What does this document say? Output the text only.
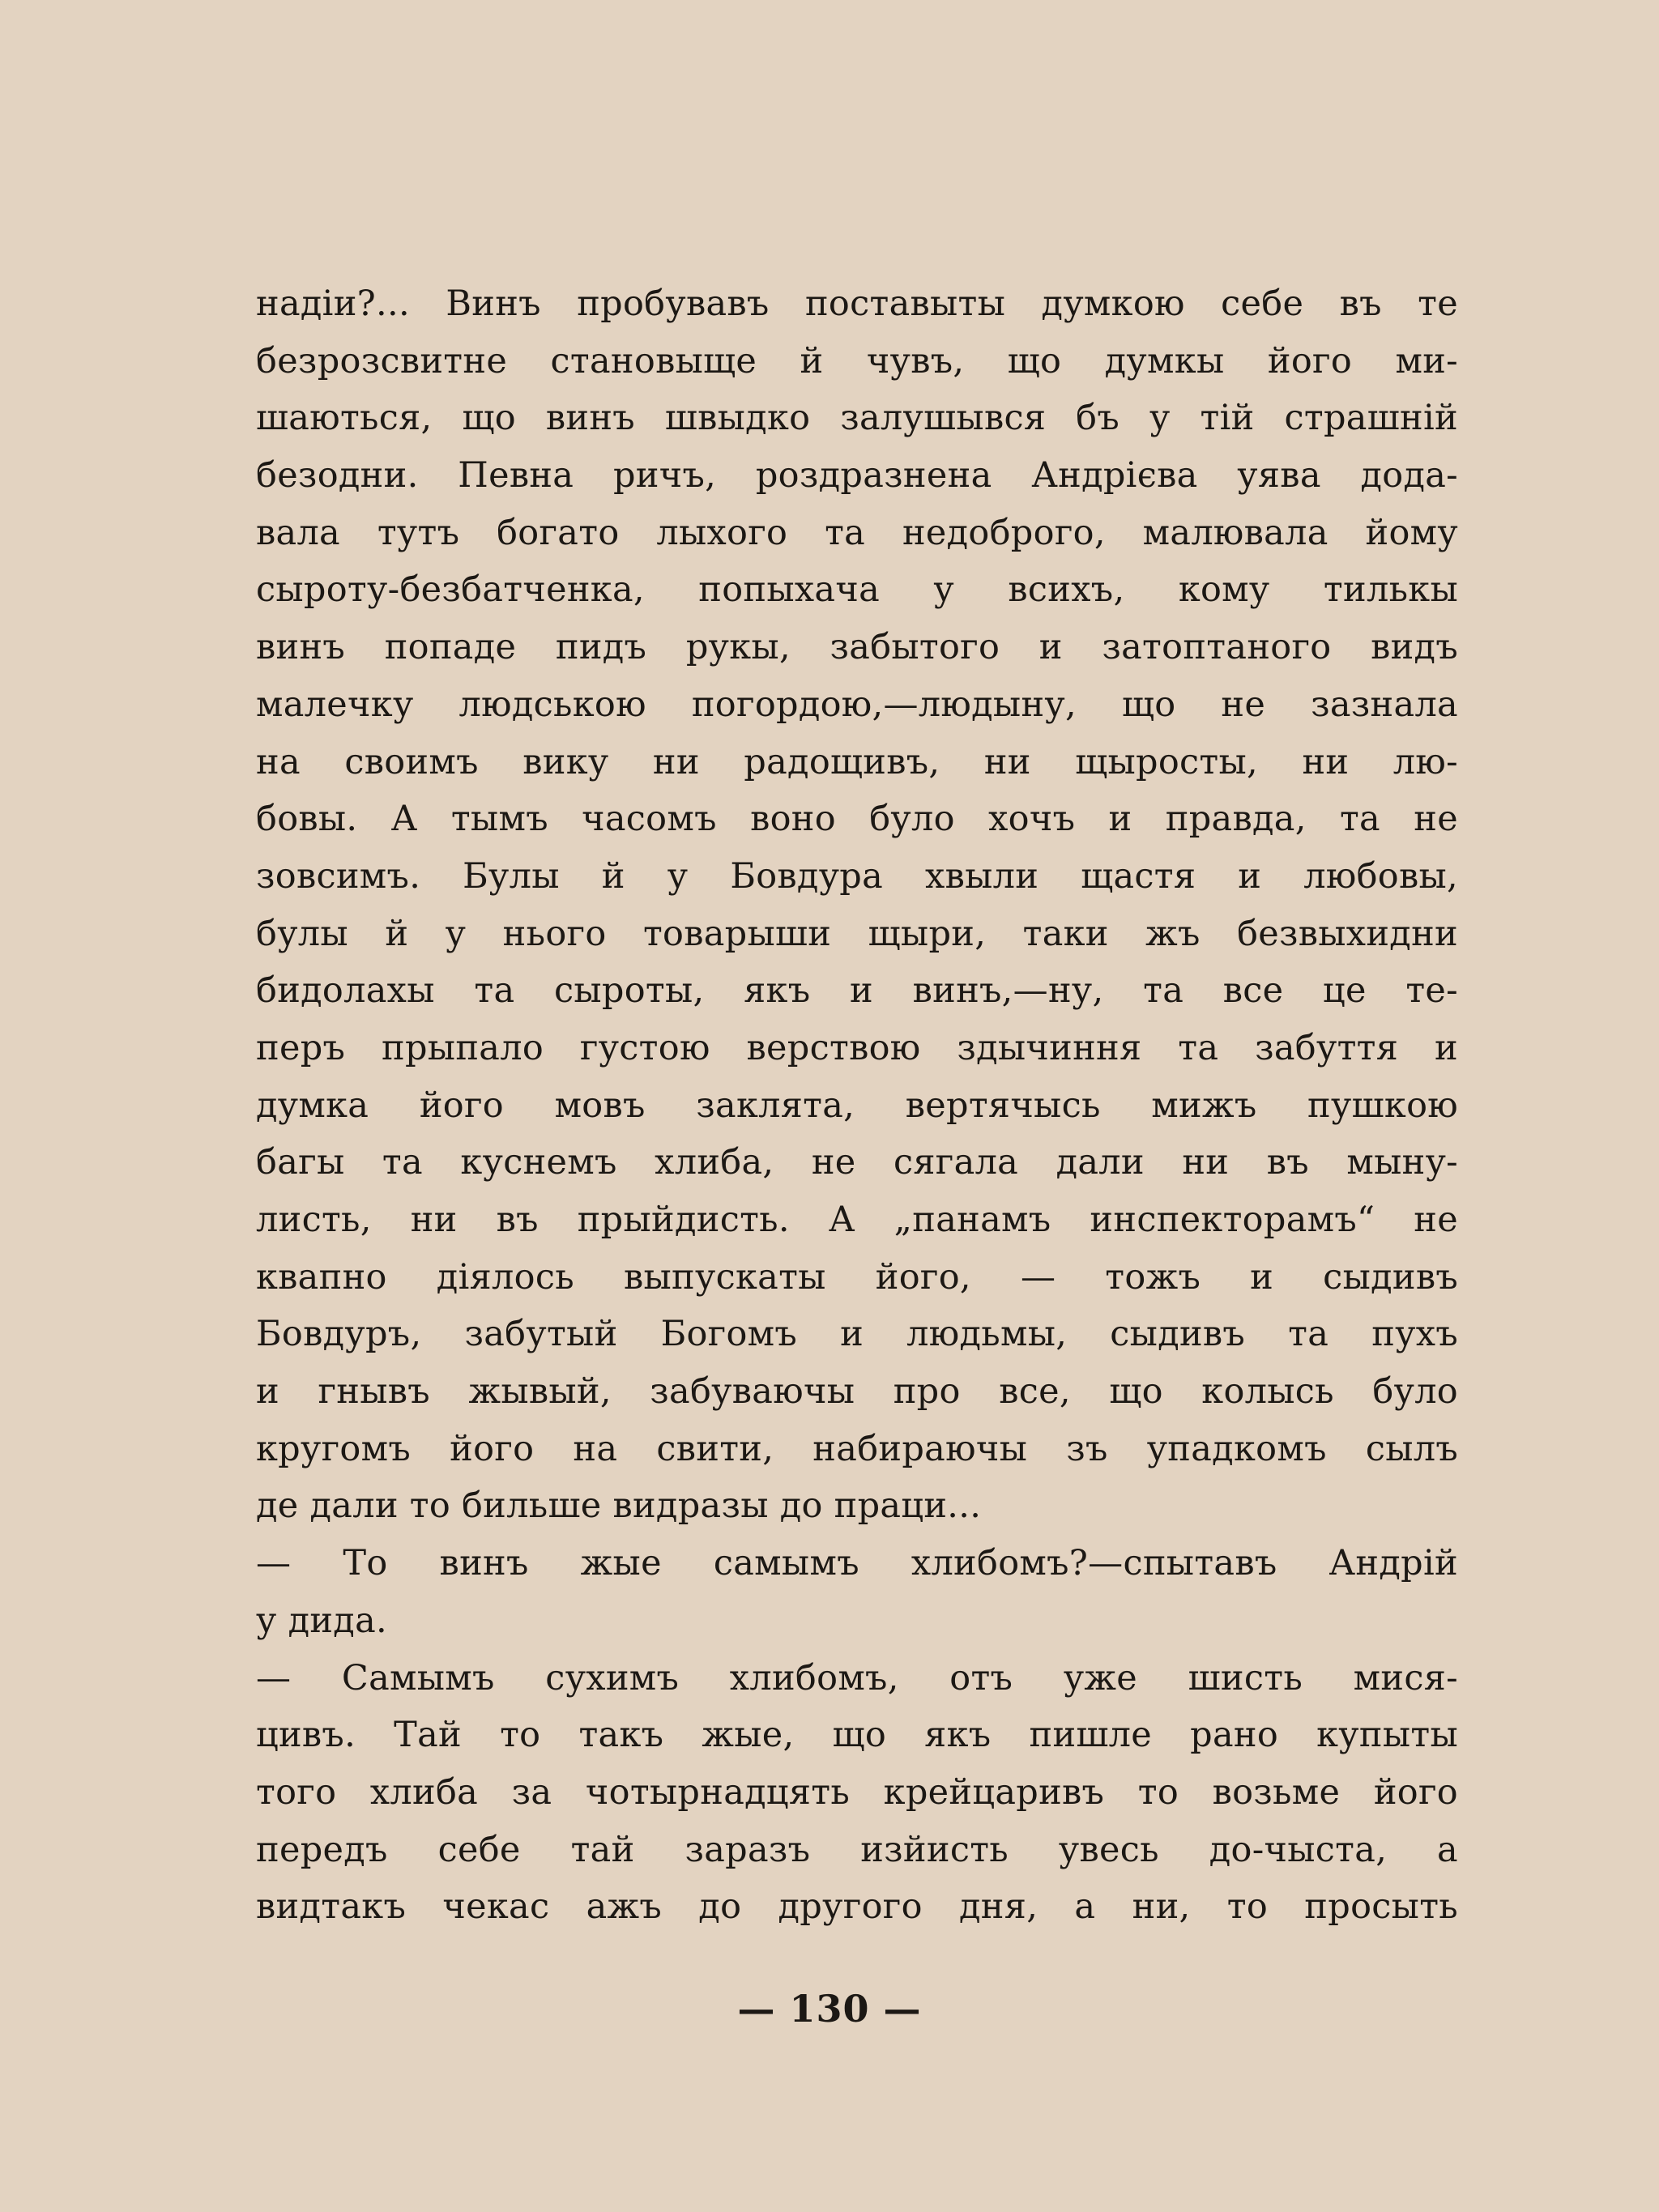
надіи?... Винъ пробувавъ поставыты думкою себе въ те
безрозсвитне становыще й чувъ, що думкы його ми-
шаються, що винъ швыдко залушывся бъ у тій страшній
безодни. Певна ричъ, роздразнена Андрієва уява дода-
вала тутъ богато лыхого та недоброго, малювала йому
сыроту-безбатченка, попыхача у всихъ, кому тилькы
винъ попаде пидъ рукы, забытого и затоптаного видъ
малечку людською погордою,—людыну, що не зазнала
на своимъ вику ни радощивъ, ни щыросты, ни лю-
бовы. А тымъ часомъ воно було хочъ и правда, та не
зовсимъ. Булы й у Бовдура хвыли щастя и любовы,
булы й у нього товарыши щыри, таки жъ безвыхидни
бидолахы та сыроты, якъ и винъ,—ну, та все це те-
перъ прыпало густою верствою здычиння та забуття и
думка його мовъ заклята, вертячысь мижъ пушкою
багы та куснемъ хлиба, не сягала дали ни въ мыну-
листь, ни въ прыйдисть. А „панамъ инспекторамъ“ не
квапно діялось выпускаты його, — тожъ и сыдивъ
Бовдуръ, забутый Богомъ и людьмы, сыдивъ та пухъ
и гнывъ жывый, забуваючы про все, що колысь було
кругомъ його на свити, набираючы зъ упадкомъ сылъ
де дали то бильше видразы до праци...
— То винъ жые самымъ хлибомъ?—спытавъ Андрій
у дида.
— Самымъ сухимъ хлибомъ, отъ уже шисть мися-
цивъ. Тай то такъ жые, що якъ пишле рано купыты
того хлиба за чотырнадцять крейцаривъ то возьме його
передъ себе тай заразъ изйисть увесь до-чыста, а
видтакъ чекас ажъ до другого дня, а ни, то просыть
— 130 —
